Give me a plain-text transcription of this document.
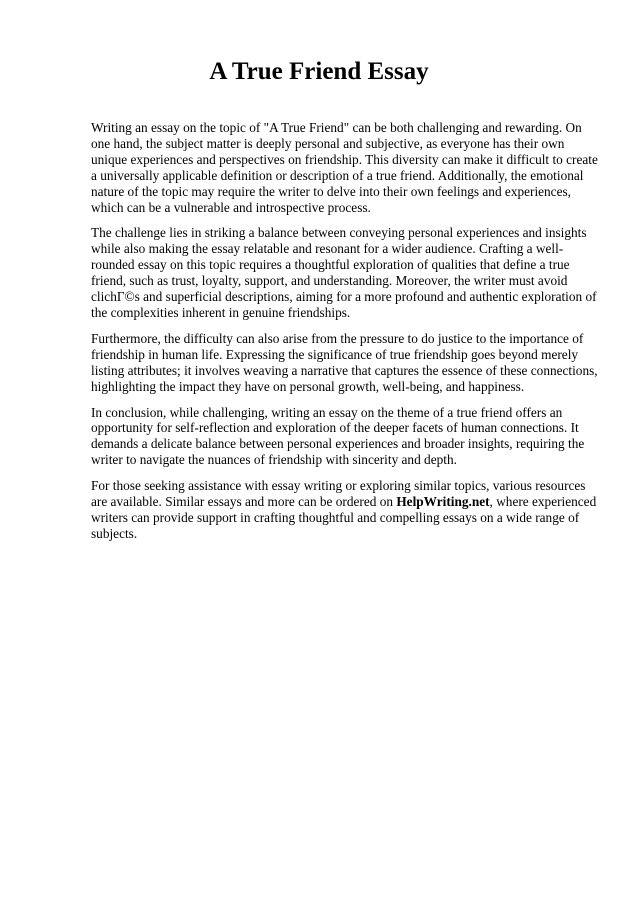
A True Friend Essay

Writing an essay on the topic of "A True Friend" can be both challenging and rewarding. On one hand, the subject matter is deeply personal and subjective, as everyone has their own unique experiences and perspectives on friendship. This diversity can make it difficult to create a universally applicable definition or description of a true friend. Additionally, the emotional nature of the topic may require the writer to delve into their own feelings and experiences, which can be a vulnerable and introspective process.

The challenge lies in striking a balance between conveying personal experiences and insights while also making the essay relatable and resonant for a wider audience. Crafting a well-rounded essay on this topic requires a thoughtful exploration of qualities that define a true friend, such as trust, loyalty, support, and understanding. Moreover, the writer must avoid clichΓ©s and superficial descriptions, aiming for a more profound and authentic exploration of the complexities inherent in genuine friendships.

Furthermore, the difficulty can also arise from the pressure to do justice to the importance of friendship in human life. Expressing the significance of true friendship goes beyond merely listing attributes; it involves weaving a narrative that captures the essence of these connections, highlighting the impact they have on personal growth, well-being, and happiness.

In conclusion, while challenging, writing an essay on the theme of a true friend offers an opportunity for self-reflection and exploration of the deeper facets of human connections. It demands a delicate balance between personal experiences and broader insights, requiring the writer to navigate the nuances of friendship with sincerity and depth.

For those seeking assistance with essay writing or exploring similar topics, various resources are available. Similar essays and more can be ordered on HelpWriting.net, where experienced writers can provide support in crafting thoughtful and compelling essays on a wide range of subjects.
